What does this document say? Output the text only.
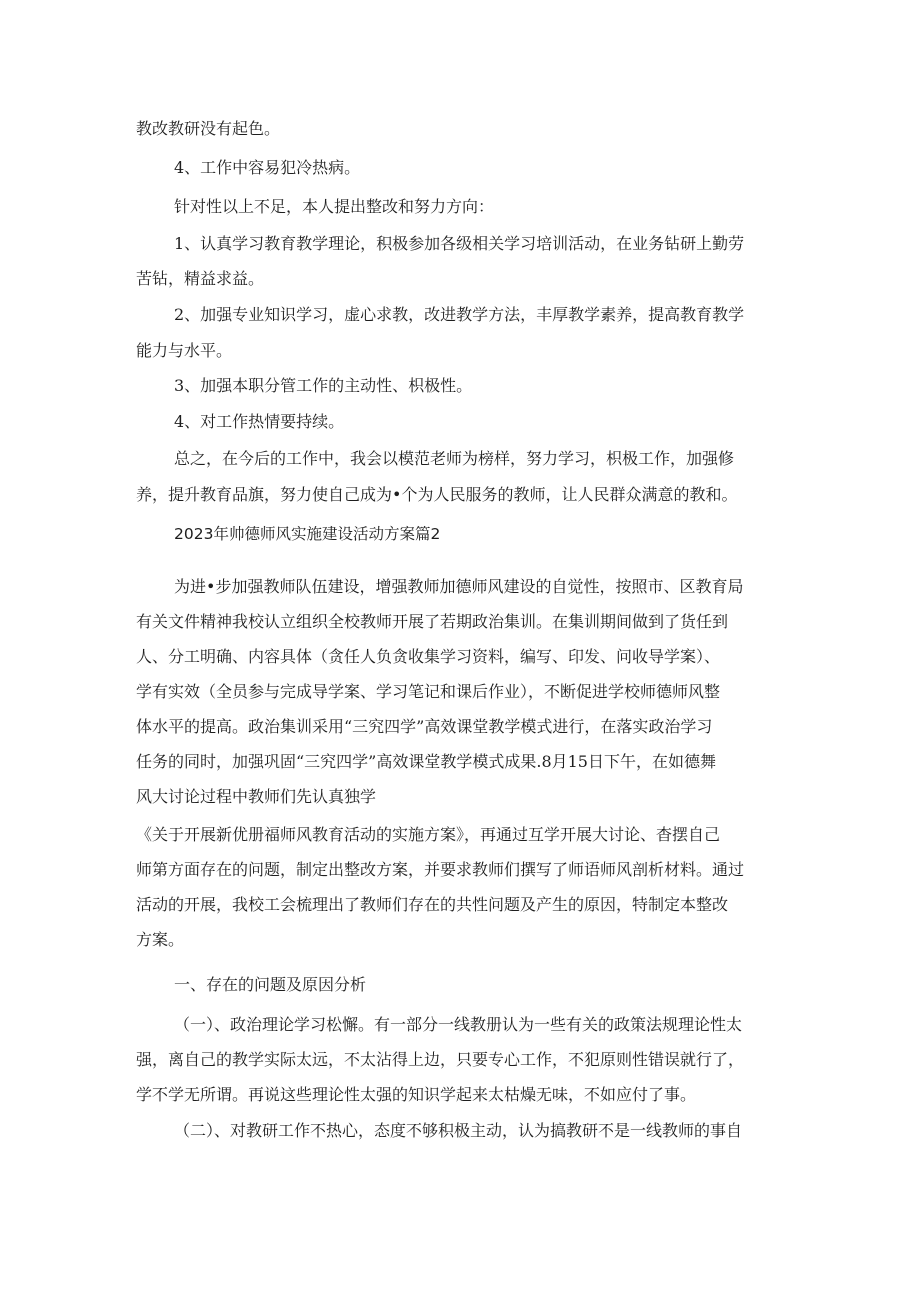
教改教研没有起色。
4、工作中容易犯冷热病。
针对性以上不足，本人提出整改和努力方向：
1、认真学习教育教学理论，积极参加各级相关学习培训活动，在业务钻研上勤劳
苦钻，精益求益。
2、加强专业知识学习，虚心求教，改进教学方法，丰厚教学素养，提高教育教学
能力与水平。
3、加强本职分管工作的主动性、枳极性。
4、对工作热情要持续。
总之，在今后的工作中，我会以模范老师为榜样，努力学习，枳极工作，加强修
养，提升教育品旗，努力使自己成为•个为人民服务的教师，让人民群众满意的教和。
2023年帅德师风实施建设活动方案篇2
为进•步加强教师队伍建设，增强教师加德师风建设的自觉性，按照市、区教育局
有关文件精神我校认立组织全校教师开展了若期政治集训。在集训期间做到了货任到
人、分工明确、内容具体（贪任人负贪收集学习资料，编写、印发、问收导学案）、
学有实效（全员参与完成导学案、学习笔记和课后作业），不断促进学校师德师风整
体水平的提高。政治集训采用“三究四学”高效课堂教学模式进行，在落实政治学习
任务的同时，加强巩固“三究四学”高效课堂教学模式成果.8月15日下午，在如德舞
风大讨论过程中教师们先认真独学
《关于开展新优册福师风教育活动的实施方案》，再通过互学开展大讨论、杳摆自己
师第方面存在的问题，制定出整改方案，并要求教师们撰写了师语师风剖析材料。通过
活动的开展，我校工会梳理出了教师们存在的共性问题及产生的原因，特制定本整改
方案。
一、存在的问题及原因分析
（一）、政治理论学习松懈。有一部分一线教册认为一些有关的政策法规理论性太
强，离自己的教学实际太远，不太沾得上边，只要专心工作，不犯原则性错误就行了，
学不学无所谓。再说这些理论性太强的知识学起来太枯燥无味，不如应付了事。
（二）、对教研工作不热心，态度不够积极主动，认为搞教研不是一线教师的事自
